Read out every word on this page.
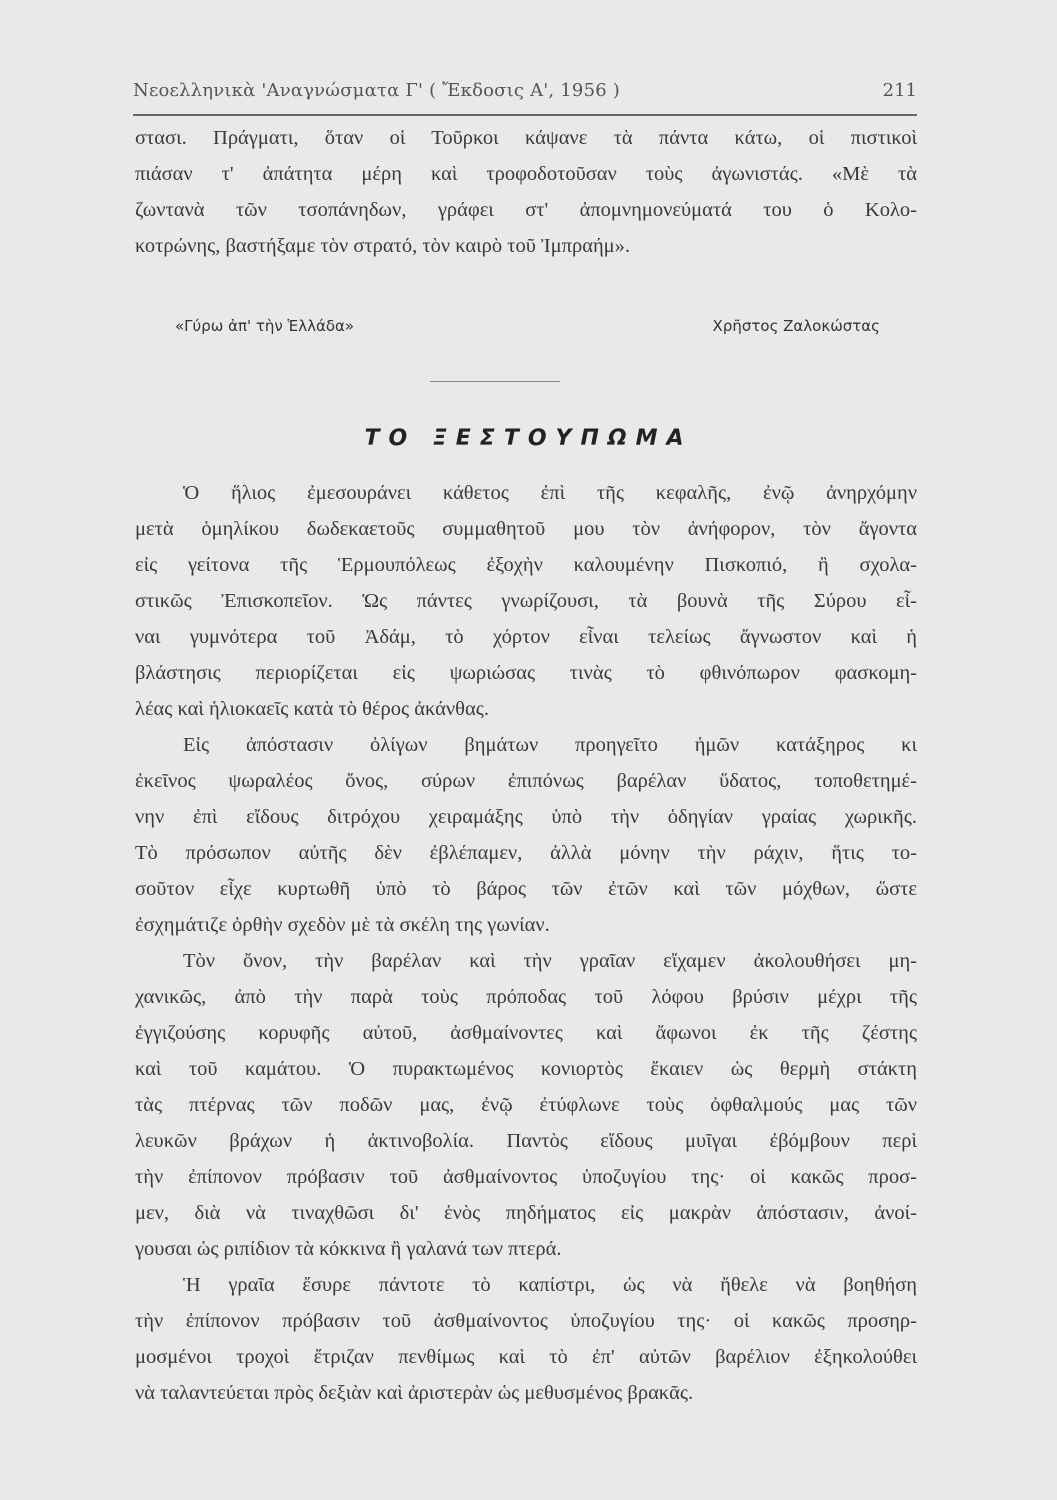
Νεοελληνικὰ 'Αναγνώσματα Γ' ( Ἔκδοσις Α', 1956 )	211
στασι. Πράγματι, ὅταν οἱ Τοῦρκοι κάψανε τὰ πάντα κάτω, οἱ πιστικοὶ
πιάσαν τ' ἀπάτητα μέρη καὶ τροφοδοτοῦσαν τοὺς ἀγωνιστάς. «Μὲ τὰ
ζωντανὰ τῶν τσοπάνηδων, γράφει στ' ἀπομνημονεύματά του ὁ Κολο-
κοτρώνης, βαστήξαμε τὸν στρατό, τὸν καιρὸ τοῦ Ἰμπραήμ».
«Γύρω ἀπ' τὴν Ἑλλάδα»	Χρῆστος Ζαλοκώστας
ΤΟ ΞΕΣΤΟΥΠΩΜΑ
Ὁ ἥλιος ἐμεσουράνει κάθετος ἐπὶ τῆς κεφαλῆς, ἐνῷ ἀνηρχόμην
μετὰ ὁμηλίκου δωδεκαετοῦς συμμαθητοῦ μου τὸν ἀνήφορον, τὸν ἄγοντα
εἰς γείτονα τῆς Ἑρμουπόλεως ἐξοχὴν καλουμένην Πισκοπιό, ἢ σχολα-
στικῶς Ἐπισκοπεῖον. Ὡς πάντες γνωρίζουσι, τὰ βουνὰ τῆς Σύρου εἶ-
ναι γυμνότερα τοῦ Ἀδάμ, τὸ χόρτον εἶναι τελείως ἄγνωστον καὶ ἡ
βλάστησις περιορίζεται εἰς ψωριώσας τινὰς τὸ φθινόπωρον φασκομη-
λέας καὶ ἡλιοκαεῖς κατὰ τὸ θέρος ἀκάνθας.
Εἰς ἀπόστασιν ὀλίγων βημάτων προηγεῖτο ἡμῶν κατάξηρος κι
ἐκεῖνος ψωραλέος ὄνος, σύρων ἐπιπόνως βαρέλαν ὕδατος, τοποθετημέ-
νην ἐπὶ εἴδους διτρόχου χειραμάξης ὑπὸ τὴν ὁδηγίαν γραίας χωρικῆς.
Τὸ πρόσωπον αὐτῆς δὲν ἐβλέπαμεν, ἀλλὰ μόνην τὴν ράχιν, ἥτις το-
σοῦτον εἶχε κυρτωθῆ ὑπὸ τὸ βάρος τῶν ἐτῶν καὶ τῶν μόχθων, ὥστε
ἐσχημάτιζε ὀρθὴν σχεδὸν μὲ τὰ σκέλη της γωνίαν.
Τὸν ὄνον, τὴν βαρέλαν καὶ τὴν γραῖαν εἴχαμεν ἀκολουθήσει μη-
χανικῶς, ἀπὸ τὴν παρὰ τοὺς πρόποδας τοῦ λόφου βρύσιν μέχρι τῆς
ἐγγιζούσης κορυφῆς αὐτοῦ, ἀσθμαίνοντες καὶ ἄφωνοι ἐκ τῆς ζέστης
καὶ τοῦ καμάτου. Ὁ πυρακτωμένος κονιορτὸς ἔκαιεν ὡς θερμὴ στάκτη
τὰς πτέρνας τῶν ποδῶν μας, ἐνῷ ἐτύφλωνε τοὺς ὀφθαλμούς μας τῶν
λευκῶν βράχων ἡ ἀκτινοβολία. Παντὸς εἴδους μυῖγαι ἐβόμβουν περὶ
τὴν ἐπίπονον πρόβασιν τοῦ ἀσθμαίνοντος ὑποζυγίου της· οἱ κακῶς προσ-
μεν, διὰ νὰ τιναχθῶσι δι' ἑνὸς πηδήματος εἰς μακρὰν ἀπόστασιν, ἀνοί-
γουσαι ὡς ριπίδιον τὰ κόκκινα ἢ γαλανά των πτερά.
Ἡ γραῖα ἔσυρε πάντοτε τὸ καπίστρι, ὡς νὰ ἤθελε νὰ βοηθήση
τὴν ἐπίπονον πρόβασιν τοῦ ἀσθμαίνοντος ὑποζυγίου της· οἱ κακῶς προσηρ-
μοσμένοι τροχοὶ ἔτριζαν πενθίμως καὶ τὸ ἐπ' αὐτῶν βαρέλιον ἐξηκολούθει
νὰ ταλαντεύεται πρὸς δεξιὰν καὶ ἀριστερὰν ὡς μεθυσμένος βρακᾶς.
